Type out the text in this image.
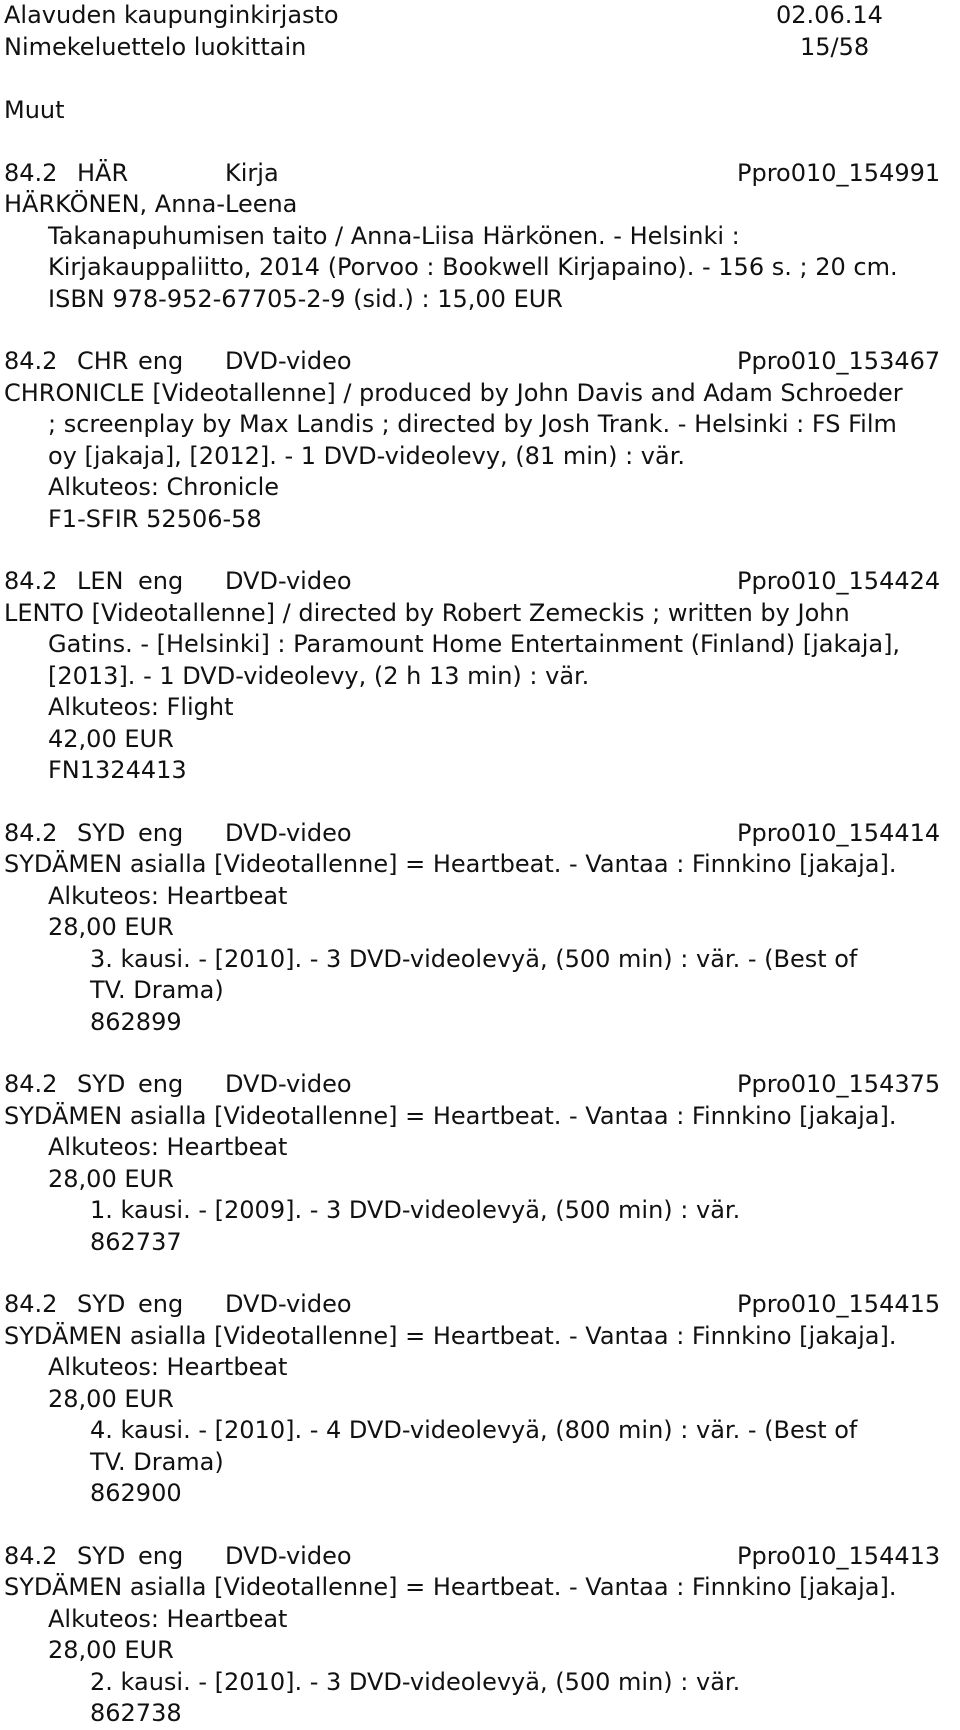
Alavuden kaupunginkirjasto	02.06.14
Nimekeluettelo luokittain	15/58
Muut
84.2 HÄR	Kirja	Ppro010_154991
HÄRKÖNEN, Anna-Leena
Takanapuhumisen taito / Anna-Liisa Härkönen. - Helsinki :
Kirjakauppaliitto, 2014 (Porvoo : Bookwell Kirjapaino). - 156 s. ; 20 cm.
ISBN 978-952-67705-2-9 (sid.) : 15,00 EUR
84.2 CHR eng DVD-video	Ppro010_153467
CHRONICLE [Videotallenne] / produced by John Davis and Adam Schroeder
; screenplay by Max Landis ; directed by Josh Trank. - Helsinki : FS Film
oy [jakaja], [2012]. - 1 DVD-videolevy, (81 min) : vär.
Alkuteos: Chronicle
F1-SFIR 52506-58
84.2 LEN eng DVD-video	Ppro010_154424
LENTO [Videotallenne] / directed by Robert Zemeckis ; written by John
Gatins. - [Helsinki] : Paramount Home Entertainment (Finland) [jakaja],
[2013]. - 1 DVD-videolevy, (2 h 13 min) : vär.
Alkuteos: Flight
42,00 EUR
FN1324413
84.2 SYD eng DVD-video	Ppro010_154414
SYDÄMEN asialla [Videotallenne] = Heartbeat. - Vantaa : Finnkino [jakaja].
Alkuteos: Heartbeat
28,00 EUR
3. kausi. - [2010]. - 3 DVD-videolevyä, (500 min) : vär. - (Best of
TV. Drama)
862899
84.2 SYD eng DVD-video	Ppro010_154375
SYDÄMEN asialla [Videotallenne] = Heartbeat. - Vantaa : Finnkino [jakaja].
Alkuteos: Heartbeat
28,00 EUR
1. kausi. - [2009]. - 3 DVD-videolevyä, (500 min) : vär.
862737
84.2 SYD eng DVD-video	Ppro010_154415
SYDÄMEN asialla [Videotallenne] = Heartbeat. - Vantaa : Finnkino [jakaja].
Alkuteos: Heartbeat
28,00 EUR
4. kausi. - [2010]. - 4 DVD-videolevyä, (800 min) : vär. - (Best of
TV. Drama)
862900
84.2 SYD eng DVD-video	Ppro010_154413
SYDÄMEN asialla [Videotallenne] = Heartbeat. - Vantaa : Finnkino [jakaja].
Alkuteos: Heartbeat
28,00 EUR
2. kausi. - [2010]. - 3 DVD-videolevyä, (500 min) : vär.
862738
